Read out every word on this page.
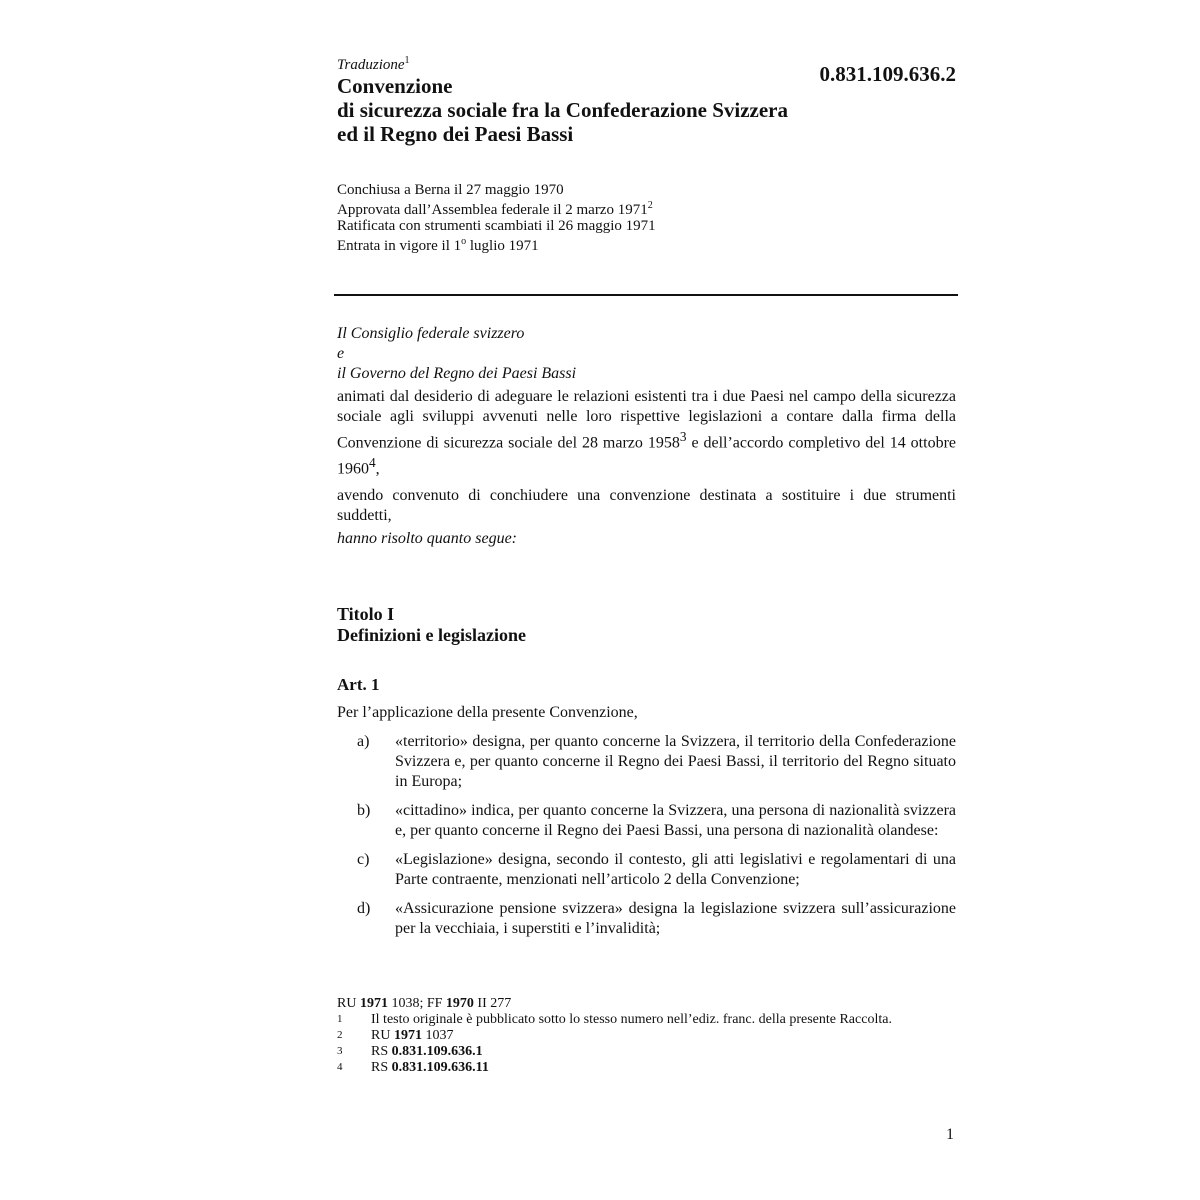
Traduzione$^1$
0.831.109.636.2
Convenzione
di sicurezza sociale fra la Confederazione Svizzera
ed il Regno dei Paesi Bassi
Conchiusa a Berna il 27 maggio 1970
Approvata dall’Assemblea federale il 2 marzo 1971$^2$
Ratificata con strumenti scambiati il 26 maggio 1971
Entrata in vigore il 1$^o$ luglio 1971
Il Consiglio federale svizzero
e
il Governo del Regno dei Paesi Bassi

animati dal desiderio di adeguare le relazioni esistenti tra i due Paesi nel campo della sicurezza sociale agli sviluppi avvenuti nelle loro rispettive legislazioni a contare dalla firma della Convenzione di sicurezza sociale del 28 marzo 1958$^3$ e dell’accordo completivo del 14 ottobre 1960$^4$,

avendo convenuto di conchiudere una convenzione destinata a sostituire i due strumenti suddetti,

hanno risolto quanto segue:

Titolo I
Definizioni e legislazione
Art. 1
Per l’applicazione della presente Convenzione,
a)	«territorio» designa, per quanto concerne la Svizzera, il territorio della Confederazione Svizzera e, per quanto concerne il Regno dei Paesi Bassi, il territorio del Regno situato in Europa;
b)	«cittadino» indica, per quanto concerne la Svizzera, una persona di nazionalità svizzera e, per quanto concerne il Regno dei Paesi Bassi, una persona di nazionalità olandese:
c)	«Legislazione» designa, secondo il contesto, gli atti legislativi e regolamentari di una Parte contraente, menzionati nell’articolo 2 della Convenzione;
d)	«Assicurazione pensione svizzera» designa la legislazione svizzera sull’assicurazione per la vecchiaia, i superstiti e l’invalidità;
RU 1971 1038; FF 1970 II 277
1	Il testo originale è pubblicato sotto lo stesso numero nell’ediz. franc. della presente Raccolta.
2	RU 1971 1037
3	RS 0.831.109.636.1
4	RS 0.831.109.636.11
1
